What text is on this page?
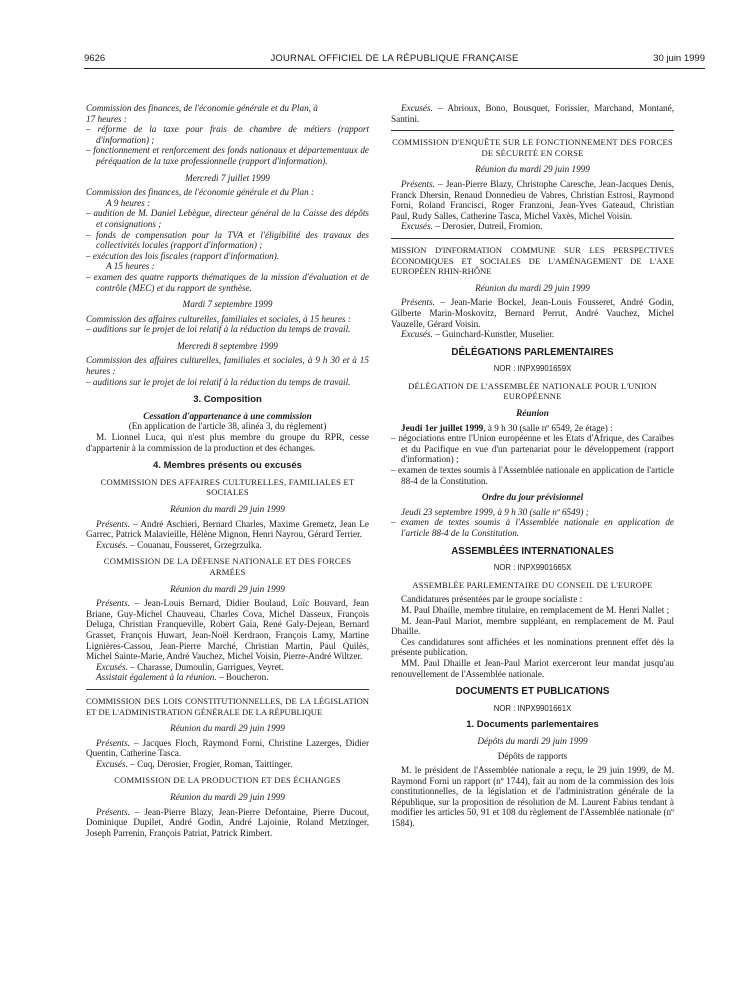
9626	JOURNAL OFFICIEL DE LA RÉPUBLIQUE FRANÇAISE	30 juin 1999

Commission des finances, de l'économie générale et du Plan, à
17 heures :

– réforme de la taxe pour frais de chambre de métiers (rapport d'information) ;

– fonctionnement et renforcement des fonds nationaux et départementaux de péréquation de la taxe professionnelle (rapport d'information).

Mercredi 7 juillet 1999

Commission des finances, de l'économie générale et du Plan :

A 9 heures :

– audition de M. Daniel Lebègue, directeur général de la Caisse des dépôts et consignations ;

– fonds de compensation pour la TVA et l'éligibilité des travaux des collectivités locales (rapport d'information) ;

– exécution des lois fiscales (rapport d'information).

A 15 heures :

– examen des quatre rapports thématiques de la mission d'évaluation et de contrôle (MEC) et du rapport de synthèse.

Mardi 7 septembre 1999

Commission des affaires culturelles, familiales et sociales, à 15 heures :

– auditions sur le projet de loi relatif à la réduction du temps de travail.

Mercredi 8 septembre 1999

Commission des affaires culturelles, familiales et sociales, à 9 h 30 et à 15 heures :

– auditions sur le projet de loi relatif à la réduction du temps de travail.

3. Composition

Cessation d'appartenance à une commission

(En application de l'article 38, alinéa 3, du règlement)

M. Lionnel Luca, qui n'est plus membre du groupe du RPR, cesse d'appartenir à la commission de la production et des échanges.

4. Membres présents ou excusés

COMMISSION DES AFFAIRES CULTURELLES, FAMILIALES ET SOCIALES

Réunion du mardi 29 juin 1999

Présents. – André Aschieri, Bernard Charles, Maxime Gremetz, Jean Le Garrec, Patrick Malavieille, Hélène Mignon, Henri Nayrou, Gérard Terrier.

Excusés. – Couanau, Fousseret, Grzegrzulka.

COMMISSION DE LA DÉFENSE NATIONALE ET DES FORCES ARMÉES

Réunion du mardi 29 juin 1999

Présents. – Jean-Louis Bernard, Didier Boulaud, Loïc Bouvard, Jean Briane, Guy-Michel Chauveau, Charles Cova, Michel Dasseux, François Deluga, Christian Franqueville, Robert Gaïa, René Galy-Dejean, Bernard Grasset, François Huwart, Jean-Noël Kerdraon, François Lamy, Martine Lignières-Cassou, Jean-Pierre Marché, Christian Martin, Paul Quilès, Michel Sainte-Marie, André Vauchez, Michel Voisin, Pierre-André Wiltzer.

Excusés. – Charasse, Dumoulin, Garrigues, Veyret.

Assistait également à la réunion. – Boucheron.

COMMISSION DES LOIS CONSTITUTIONNELLES, DE LA LÉGISLATION ET DE L'ADMINISTRATION GÉNÉRALE DE LA RÉPUBLIQUE

Réunion du mardi 29 juin 1999

Présents. – Jacques Floch, Raymond Forni, Christine Lazerges, Didier Quentin, Catherine Tasca.

Excusés. – Cuq, Derosier, Frogier, Roman, Taittinger.

COMMISSION DE LA PRODUCTION ET DES ÉCHANGES

Réunion du mardi 29 juin 1999

Présents. – Jean-Pierre Blazy, Jean-Pierre Defontaine, Pierre Ducout, Dominique Dupilet, André Godin, André Lajoinie, Roland Metzinger, Joseph Parrenin, François Patriat, Patrick Rimbert.

Excusés. – Abrioux, Bono, Bousquet, Forissier, Marchand, Montané, Santini.

COMMISSION D'ENQUÊTE SUR LE FONCTIONNEMENT DES FORCES DE SÉCURITÉ EN CORSE

Réunion du mardi 29 juin 1999

Présents. – Jean-Pierre Blazy, Christophe Caresche, Jean-Jacques Denis, Franck Dhersin, Renaud Donnedieu de Vabres, Christian Estrosi, Raymond Forni, Roland Francisci, Roger Franzoni, Jean-Yves Gateaud, Christian Paul, Rudy Salles, Catherine Tasca, Michel Vaxès, Michel Voisin.

Excusés. – Derosier, Dutreil, Fromion.

MISSION D'INFORMATION COMMUNE SUR LES PERSPECTIVES ÉCONOMIQUES ET SOCIALES DE L'AMÉNAGEMENT DE L'AXE EUROPÉEN RHIN-RHÔNE

Réunion du mardi 29 juin 1999

Présents. – Jean-Marie Bockel, Jean-Louis Fousseret, André Godin, Gilberte Marin-Moskovitz, Bernard Perrut, André Vauchez, Michel Vauzelle, Gérard Voisin.

Excusés. – Guinchard-Kunstler, Muselier.

DÉLÉGATIONS PARLEMENTAIRES
NOR : INPX9901659X

DÉLÉGATION DE L'ASSEMBLÉE NATIONALE POUR L'UNION EUROPÉENNE

Réunion

Jeudi 1er juillet 1999, à 9 h 30 (salle nº 6549, 2e étage) :

– négociations entre l'Union européenne et les Etats d'Afrique, des Caraïbes et du Pacifique en vue d'un partenariat pour le développement (rapport d'information) ;

– examen de textes soumis à l'Assemblée nationale en application de l'article 88-4 de la Constitution.

Ordre du jour prévisionnel

Jeudi 23 septembre 1999, à 9 h 30 (salle nº 6549) ;

– examen de textes soumis à l'Assemblée nationale en application de l'article 88-4 de la Constitution.

ASSEMBLÉES INTERNATIONALES
NOR : INPX9901665X

ASSEMBLÉE PARLEMENTAIRE DU CONSEIL DE L'EUROPE

Candidatures présentées par le groupe socialiste :

M. Paul Dhaille, membre titulaire, en remplacement de M. Henri Nallet ;

M. Jean-Paul Mariot, membre suppléant, en remplacement de M. Paul Dhaille.

Ces candidatures sont affichées et les nominations prennent effet dès la présente publication.

MM. Paul Dhaille et Jean-Paul Mariot exerceront leur mandat jusqu'au renouvellement de l'Assemblée nationale.

DOCUMENTS ET PUBLICATIONS
NOR : INPX9901661X
1. Documents parlementaires

Dépôts du mardi 29 juin 1999

Dépôts de rapports

M. le président de l'Assemblée nationale a reçu, le 29 juin 1999, de M. Raymond Forni un rapport (nº 1744), fait au nom de la commission des lois constitutionnelles, de la législation et de l'administration générale de la République, sur la proposition de résolution de M. Laurent Fabius tendant à modifier les articles 50, 91 et 108 du règlement de l'Assemblée nationale (nº 1584).
